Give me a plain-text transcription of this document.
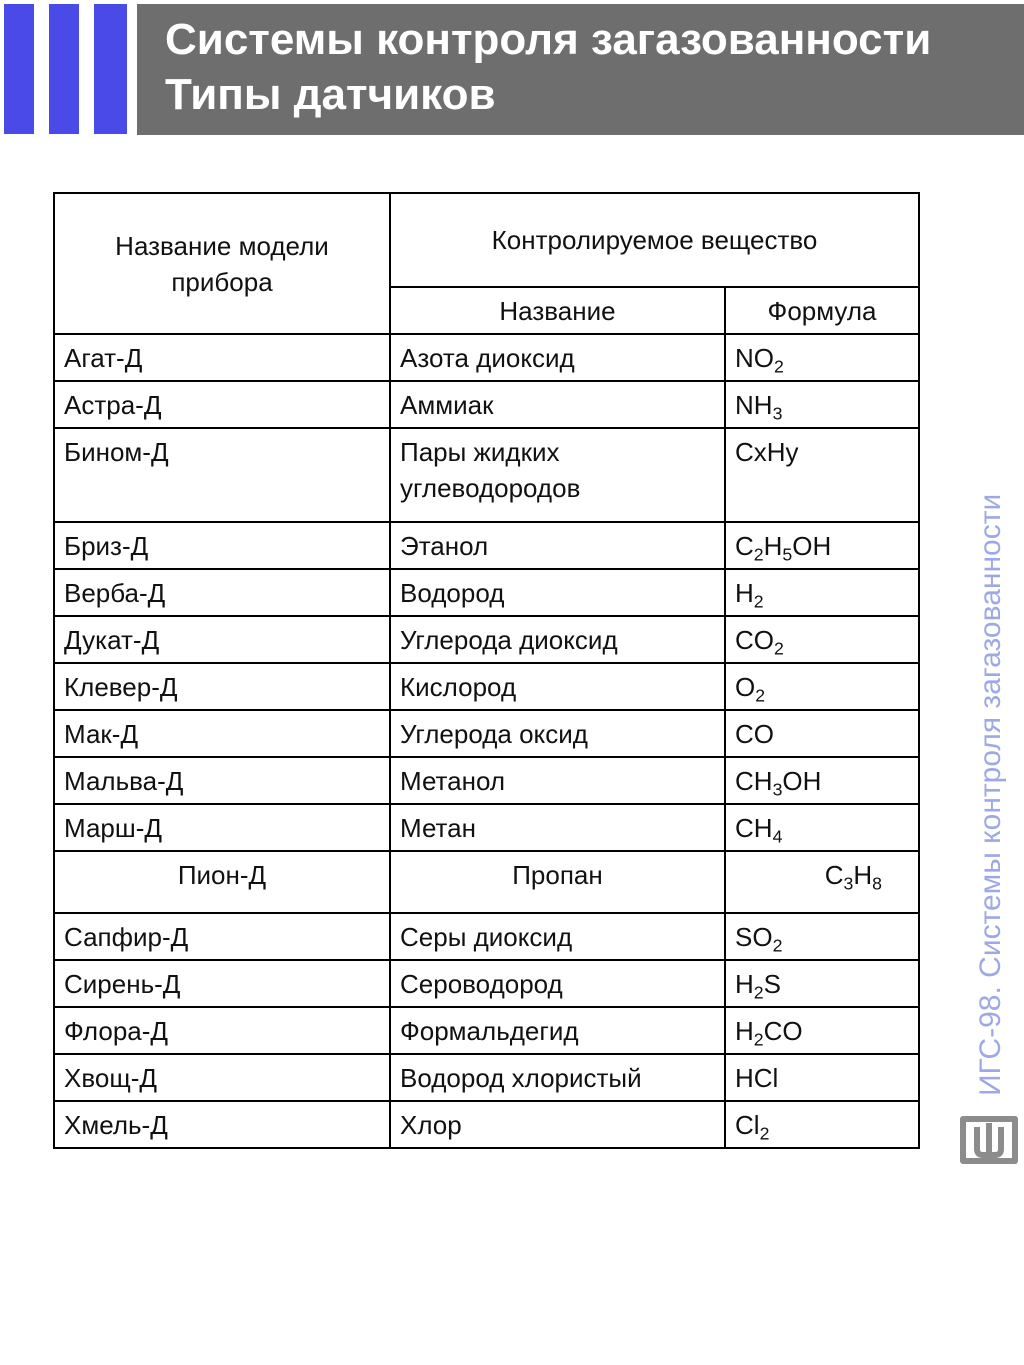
Системы контроля загазованности
Типы датчиков
Название модели прибора	Контролируемое вещество	
	Название	Формула
Агат-Д	Азота диоксид	$NO_2$
Астра-Д	Аммиак	$NH_3$
Бином-Д	Пары жидких углеводородов	CxHy
Бриз-Д	Этанол	$C_2H_5OH$
Верба-Д	Водород	$H_2$
Дукат-Д	Углерода диоксид	$CO_2$
Клевер-Д	Кислород	$O_2$
Мак-Д	Углерода оксид	CO
Мальва-Д	Метанол	$CH_3OH$
Марш-Д	Метан	$CH_4$
Пион-Д	Пропан	$C_3H_8$
Сапфир-Д	Серы диоксид	$SO_2$
Сирень-Д	Сероводород	$H_2S$
Флора-Д	Формальдегид	$H_2CO$
Хвощ-Д	Водород хлористый	HCl
Хмель-Д	Хлор	$Cl_2$
ИГС-98. Системы контроля загазованности
